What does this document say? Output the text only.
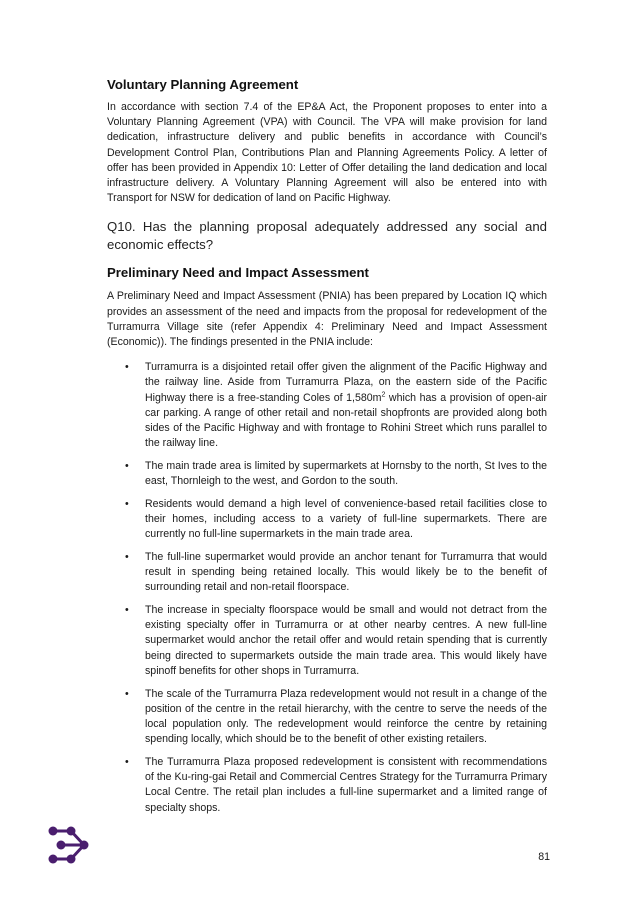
Voluntary Planning Agreement

In accordance with section 7.4 of the EP&A Act, the Proponent proposes to enter into a Voluntary Planning Agreement (VPA) with Council. The VPA will make provision for land dedication, infrastructure delivery and public benefits in accordance with Council’s Development Control Plan, Contributions Plan and Planning Agreements Policy. A letter of offer has been provided in Appendix 10: Letter of Offer detailing the land dedication and local infrastructure delivery. A Voluntary Planning Agreement will also be entered into with Transport for NSW for dedication of land on Pacific Highway.

Q10. Has the planning proposal adequately addressed any social and economic effects?

Preliminary Need and Impact Assessment

A Preliminary Need and Impact Assessment (PNIA) has been prepared by Location IQ which provides an assessment of the need and impacts from the proposal for redevelopment of the Turramurra Village site (refer Appendix 4: Preliminary Need and Impact Assessment (Economic)). The findings presented in the PNIA include:

• Turramurra is a disjointed retail offer given the alignment of the Pacific Highway and the railway line. Aside from Turramurra Plaza, on the eastern side of the Pacific Highway there is a free-standing Coles of $1,580m^2$ which has a provision of open-air car parking. A range of other retail and non-retail shopfronts are provided along both sides of the Pacific Highway and with frontage to Rohini Street which runs parallel to the railway line.
• The main trade area is limited by supermarkets at Hornsby to the north, St Ives to the east, Thornleigh to the west, and Gordon to the south.
• Residents would demand a high level of convenience-based retail facilities close to their homes, including access to a variety of full-line supermarkets. There are currently no full-line supermarkets in the main trade area.
• The full-line supermarket would provide an anchor tenant for Turramurra that would result in spending being retained locally. This would likely be to the benefit of surrounding retail and non-retail floorspace.
• The increase in specialty floorspace would be small and would not detract from the existing specialty offer in Turramurra or at other nearby centres. A new full-line supermarket would anchor the retail offer and would retain spending that is currently being directed to supermarkets outside the main trade area. This would likely have spinoff benefits for other shops in Turramurra.
• The scale of the Turramurra Plaza redevelopment would not result in a change of the position of the centre in the retail hierarchy, with the centre to serve the needs of the local population only. The redevelopment would reinforce the centre by retaining spending locally, which should be to the benefit of other existing retailers.
• The Turramurra Plaza proposed redevelopment is consistent with recommendations of the Ku-ring-gai Retail and Commercial Centres Strategy for the Turramurra Primary Local Centre. The retail plan includes a full-line supermarket and a limited range of specialty shops.
81
